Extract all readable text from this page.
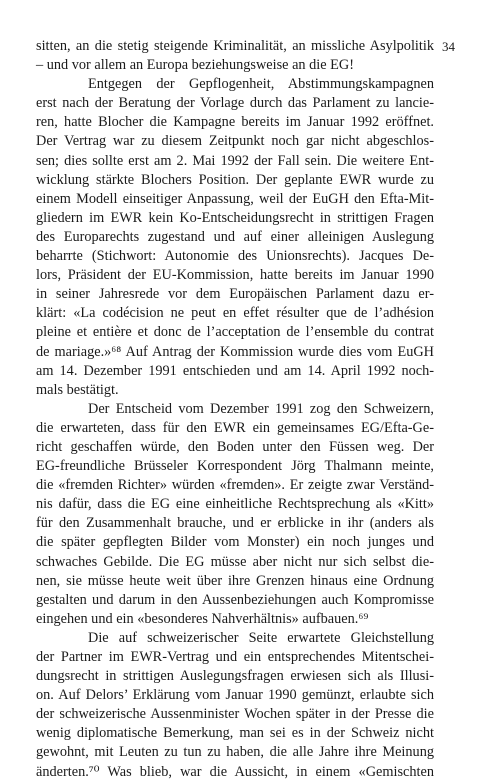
34
sitten, an die stetig steigende Kriminalität, an missliche Asylpolitik
– und vor allem an Europa beziehungsweise an die EG!
Entgegen der Gepflogenheit, Abstimmungskampagnen
erst nach der Beratung der Vorlage durch das Parlament zu lancie-
ren, hatte Blocher die Kampagne bereits im Januar 1992 eröffnet.
Der Vertrag war zu diesem Zeitpunkt noch gar nicht abgeschlos-
sen; dies sollte erst am 2. Mai 1992 der Fall sein. Die weitere Ent-
wicklung stärkte Blochers Position. Der geplante EWR wurde zu
einem Modell einseitiger Anpassung, weil der EuGH den Efta-Mit-
gliedern im EWR kein Ko-Entscheidungsrecht in strittigen Fragen
des Europarechts zugestand und auf einer alleinigen Auslegung
beharrte (Stichwort: Autonomie des Unionsrechts). Jacques De-
lors, Präsident der EU-Kommission, hatte bereits im Januar 1990
in seiner Jahresrede vor dem Europäischen Parlament dazu er-
klärt: «La codécision ne peut en effet résulter que de l’adhésion
pleine et entière et donc de l’acceptation de l’ensemble du contrat
de mariage.»⁶⁸ Auf Antrag der Kommission wurde dies vom EuGH
am 14. Dezember 1991 entschieden und am 14. April 1992 noch-
mals bestätigt.
Der Entscheid vom Dezember 1991 zog den Schweizern,
die erwarteten, dass für den EWR ein gemeinsames EG/Efta-Ge-
richt geschaffen würde, den Boden unter den Füssen weg. Der
EG-freundliche Brüsseler Korrespondent Jörg Thalmann meinte,
die «fremden Richter» würden «fremden». Er zeigte zwar Verständ-
nis dafür, dass die EG eine einheitliche Rechtsprechung als «Kitt»
für den Zusammenhalt brauche, und er erblicke in ihr (anders als
die später gepflegten Bilder vom Monster) ein noch junges und
schwaches Gebilde. Die EG müsse aber nicht nur sich selbst die-
nen, sie müsse heute weit über ihre Grenzen hinaus eine Ordnung
gestalten und darum in den Aussenbeziehungen auch Kompromisse
eingehen und ein «besonderes Nahverhältnis» aufbauen.⁶⁹
Die auf schweizerischer Seite erwartete Gleichstellung
der Partner im EWR-Vertrag und ein entsprechendes Mitentschei-
dungsrecht in strittigen Auslegungsfragen erwiesen sich als Illusi-
on. Auf Delors’ Erklärung vom Januar 1990 gemünzt, erlaubte sich
der schweizerische Aussenminister Wochen später in der Presse die
wenig diplomatische Bemerkung, man sei es in der Schweiz nicht
gewohnt, mit Leuten zu tun zu haben, die alle Jahre ihre Meinung
änderten.⁷⁰ Was blieb, war die Aussicht, in einem «Gemischten
